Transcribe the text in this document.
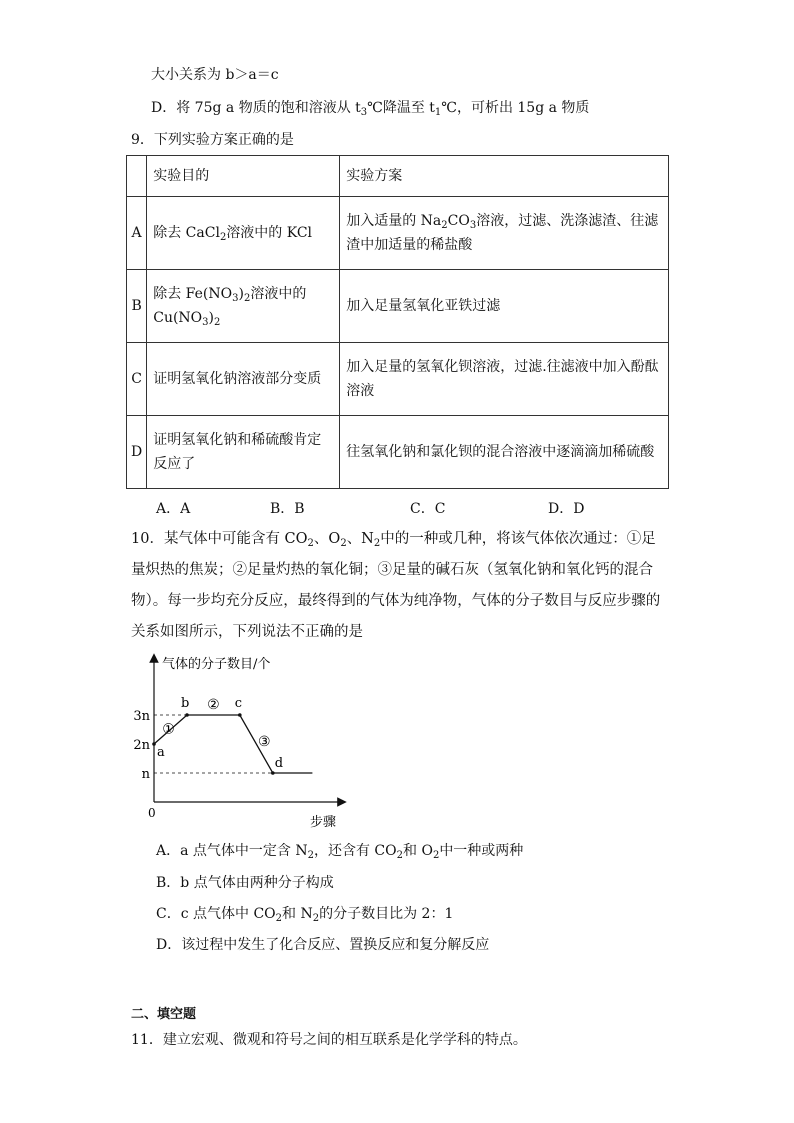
大小关系为 b＞a＝c
D．将 75g a 物质的饱和溶液从 $t_3℃$降温至 $t_1℃$，可析出 15g a 物质
9．下列实验方案正确的是
	实验目的	实验方案
A	除去 CaCl$_2$溶液中的 KCl	加入适量的 $Na_2CO_3$溶液，过滤、洗涤滤渣、往滤渣中加适量的稀盐酸
B	除去 $Fe(NO_3)_2$溶液中的 $Cu(NO_3)_2$	加入足量氢氧化亚铁过滤
C	证明氢氧化钠溶液部分变质	加入足量的氢氧化钡溶液，过滤.往滤液中加入酚酞溶液
D	证明氢氧化钠和稀硫酸肯定反应了	往氢氧化钠和氯化钡的混合溶液中逐滴滴加稀硫酸
A．A	B．B	C．C	D．D
10．某气体中可能含有 $CO_2$、$O_2$、$N_2$中的一种或几种，将该气体依次通过：①足量炽热的焦炭；②足量灼热的氧化铜；③足量的碱石灰（氢氧化钠和氧化钙的混合物）。每一步均充分反应，最终得到的气体为纯净物，气体的分子数目与反应步骤的关系如图所示，下列说法不正确的是
气体的分子数目/个
步骤
0
3n
2n
n
a
b	c
d
①
②
③
A．a 点气体中一定含 $N_2$，还含有 $CO_2$和 $O_2$中一种或两种
B．b 点气体由两种分子构成
C．c 点气体中 $CO_2$和 $N_2$的分子数目比为 2：1
D．该过程中发生了化合反应、置换反应和复分解反应
二、填空题
11．建立宏观、微观和符号之间的相互联系是化学学科的特点。
